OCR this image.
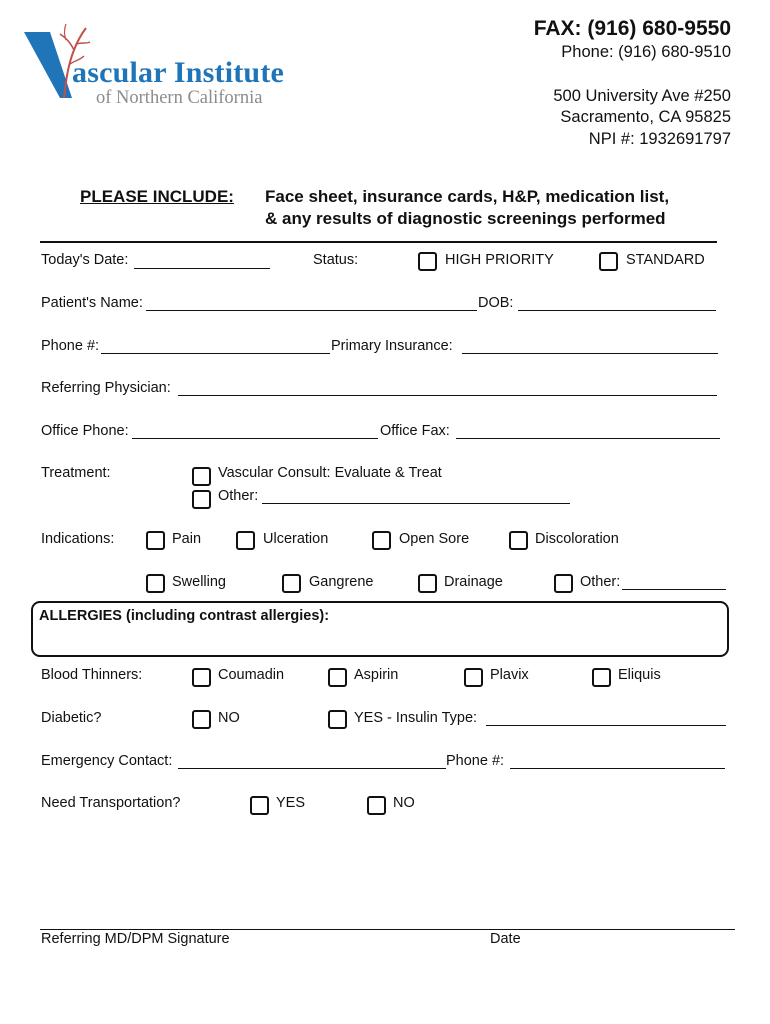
ascular Institute
of Northern California
FAX: (916) 680-9550
Phone: (916) 680-9510
500 University Ave #250
Sacramento, CA 95825
NPI #: 1932691797
PLEASE INCLUDE: Face sheet, insurance cards, H&P, medication list,
& any results of diagnostic screenings performed
Today's Date:	Status:	HIGH PRIORITY	STANDARD
Patient's Name:	DOB:
Phone #:	Primary Insurance:
Referring Physician:
Office Phone:	Office Fax:
Treatment:	Vascular Consult: Evaluate & Treat
Other:
Indications:	Pain	Ulceration	Open Sore	Discoloration
Swelling	Gangrene	Drainage	Other:
ALLERGIES (including contrast allergies):
Blood Thinners:	Coumadin	Aspirin	Plavix	Eliquis
Diabetic?	NO	YES - Insulin Type:
Emergency Contact:	Phone #:
Need Transportation?	YES	NO
Referring MD/DPM Signature	Date
